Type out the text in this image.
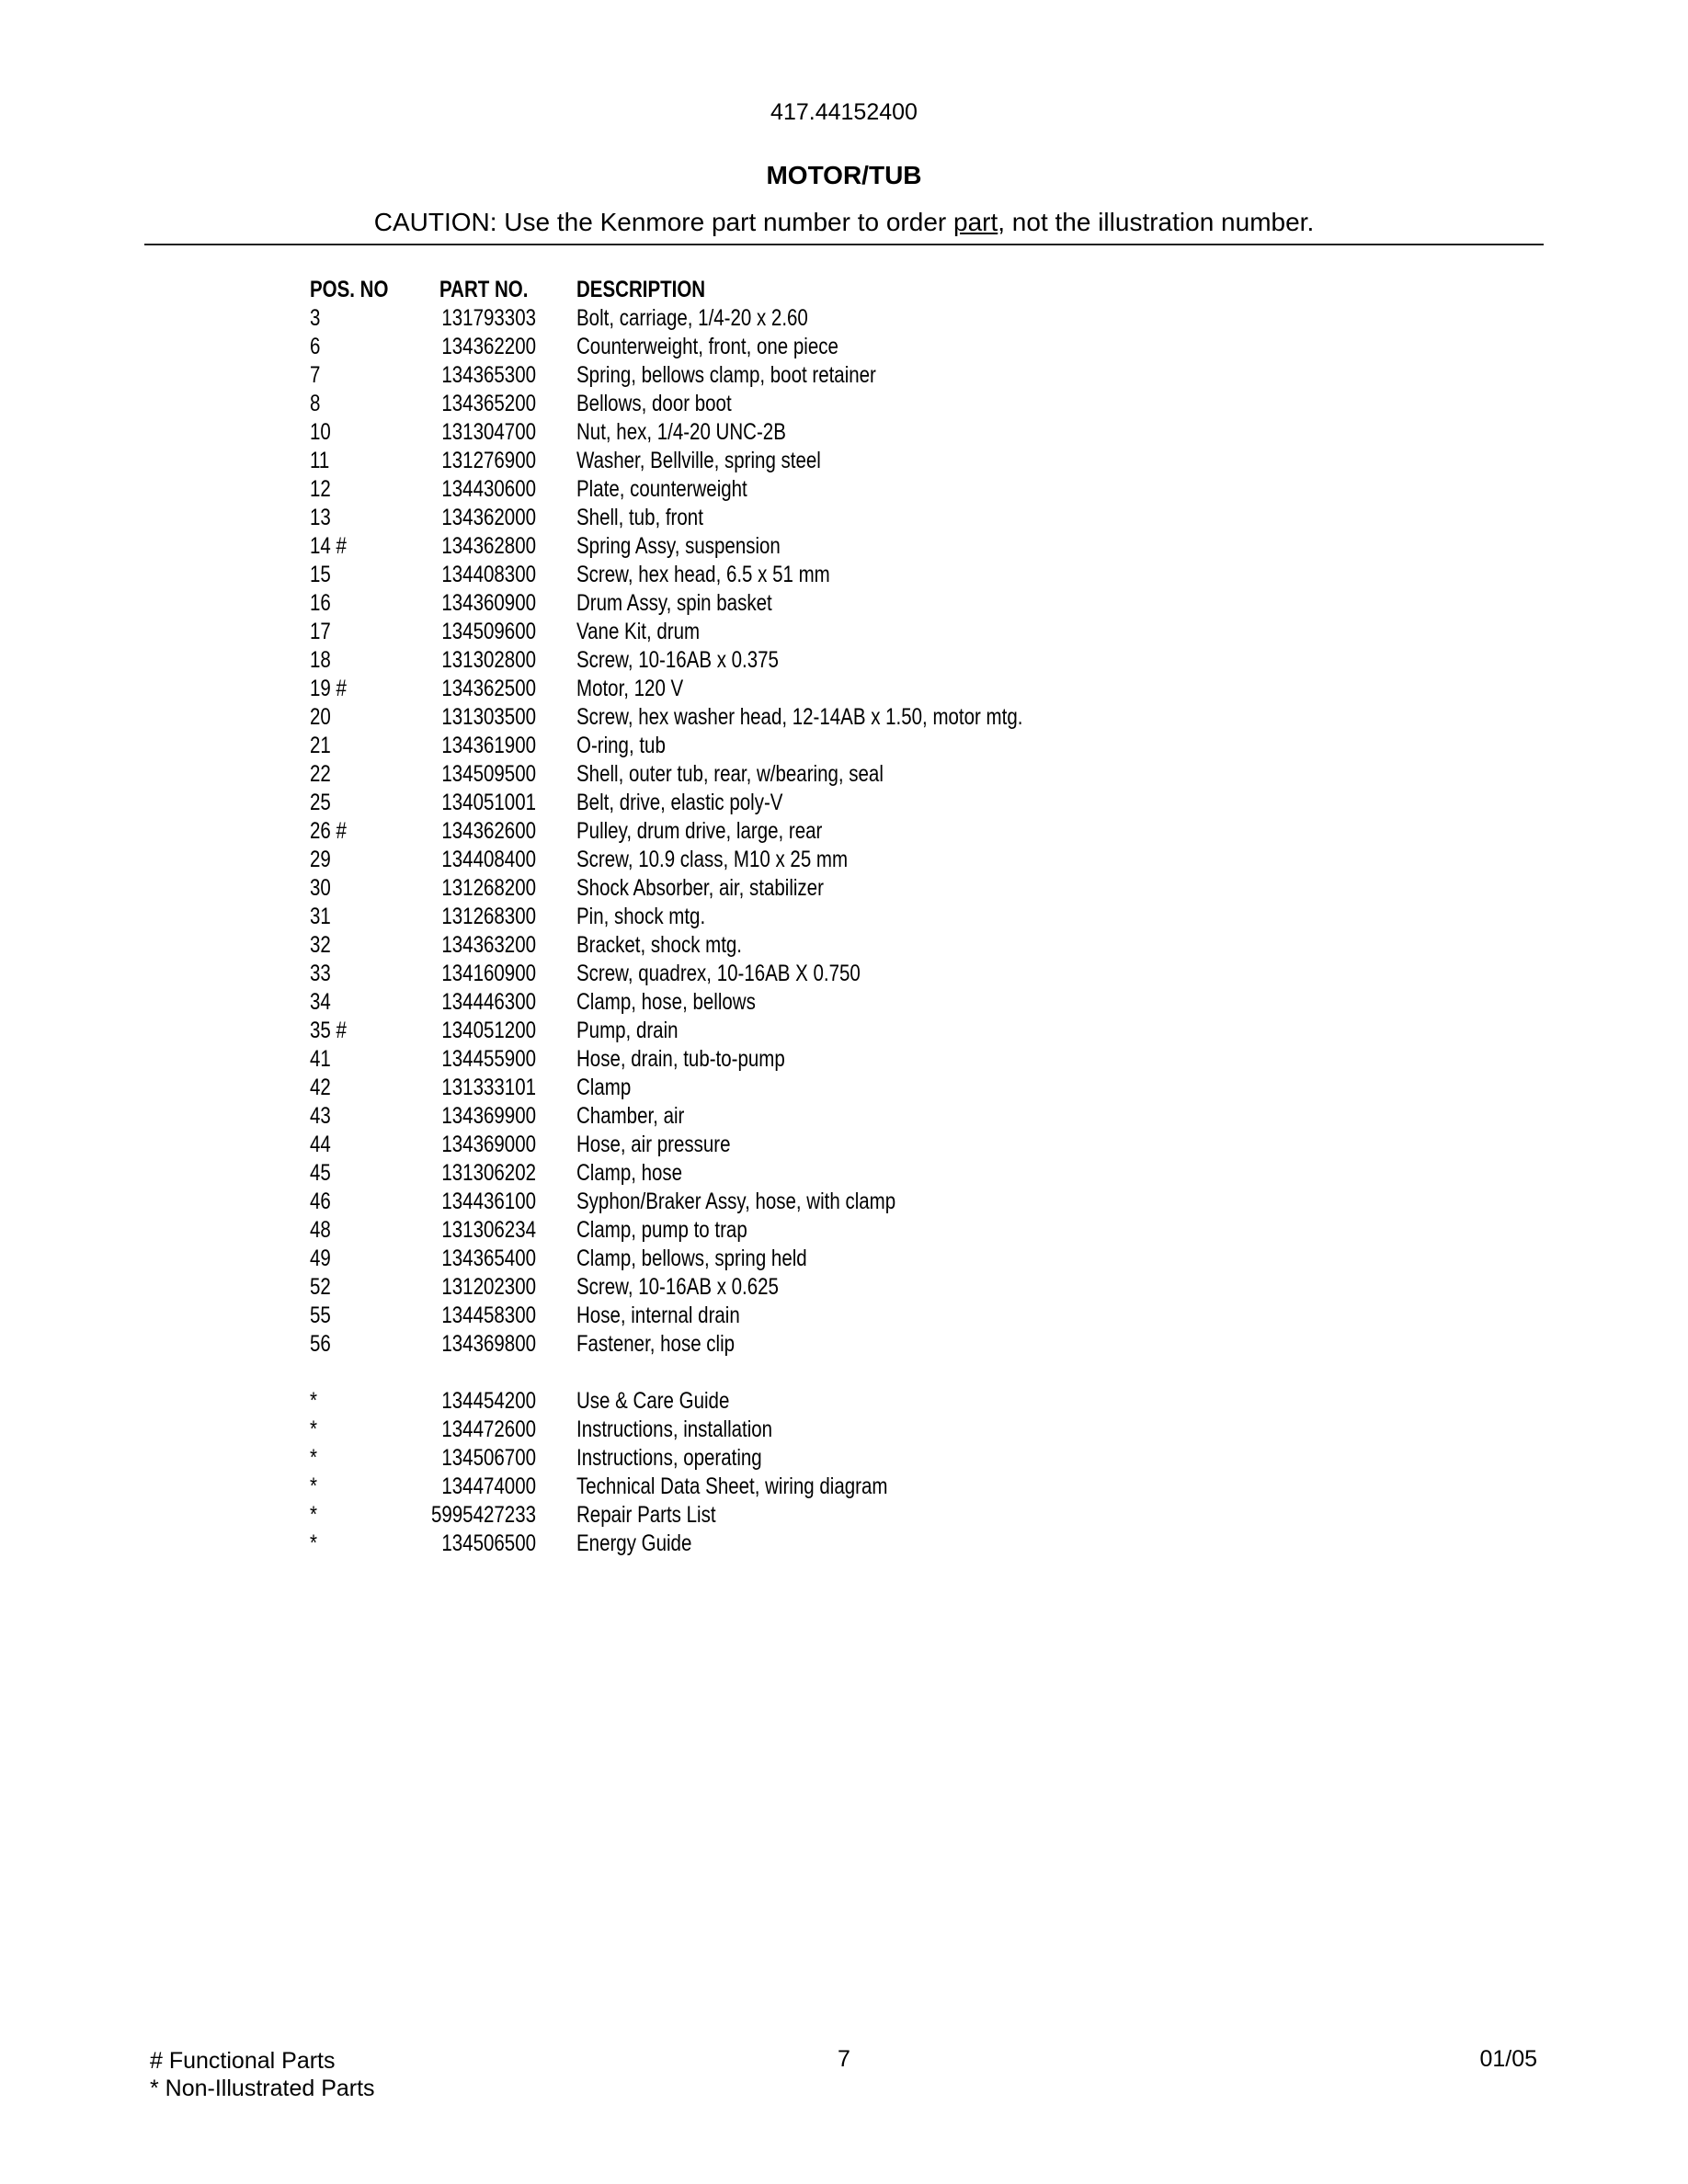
417.44152400
MOTOR/TUB
CAUTION: Use the Kenmore part number to order part, not the illustration number.
POS. NO PART NO. DESCRIPTION
3	131793303 Bolt, carriage, 1/4-20 x 2.60
6	134362200 Counterweight, front, one piece
7	134365300 Spring, bellows clamp, boot retainer
8	134365200 Bellows, door boot
10	131304700 Nut, hex, 1/4-20 UNC-2B
11	131276900 Washer, Bellville, spring steel
12	134430600 Plate, counterweight
13	134362000 Shell, tub, front
14 #	134362800 Spring Assy, suspension
15	134408300 Screw, hex head, 6.5 x 51 mm
16	134360900 Drum Assy, spin basket
17	134509600 Vane Kit, drum
18	131302800 Screw, 10-16AB x 0.375
19 #	134362500 Motor, 120 V
20	131303500 Screw, hex washer head, 12-14AB x 1.50, motor mtg.
21	134361900 O-ring, tub
22	134509500 Shell, outer tub, rear, w/bearing, seal
25	134051001 Belt, drive, elastic poly-V
26 #	134362600 Pulley, drum drive, large, rear
29	134408400 Screw, 10.9 class, M10 x 25 mm
30	131268200 Shock Absorber, air, stabilizer
31	131268300 Pin, shock mtg.
32	134363200 Bracket, shock mtg.
33	134160900 Screw, quadrex, 10-16AB X 0.750
34	134446300 Clamp, hose, bellows
35 #	134051200 Pump, drain
41	134455900 Hose, drain, tub-to-pump
42	131333101 Clamp
43	134369900 Chamber, air
44	134369000 Hose, air pressure
45	131306202 Clamp, hose
46	134436100 Syphon/Braker Assy, hose, with clamp
48	131306234 Clamp, pump to trap
49	134365400 Clamp, bellows, spring held
52	131202300 Screw, 10-16AB x 0.625
55	134458300 Hose, internal drain
56	134369800 Fastener, hose clip
*	134454200 Use & Care Guide
*	134472600 Instructions, installation
*	134506700 Instructions, operating
*	134474000 Technical Data Sheet, wiring diagram
*	5995427233 Repair Parts List
*	134506500 Energy Guide
# Functional Parts
* Non-Illustrated Parts
7	01/05
